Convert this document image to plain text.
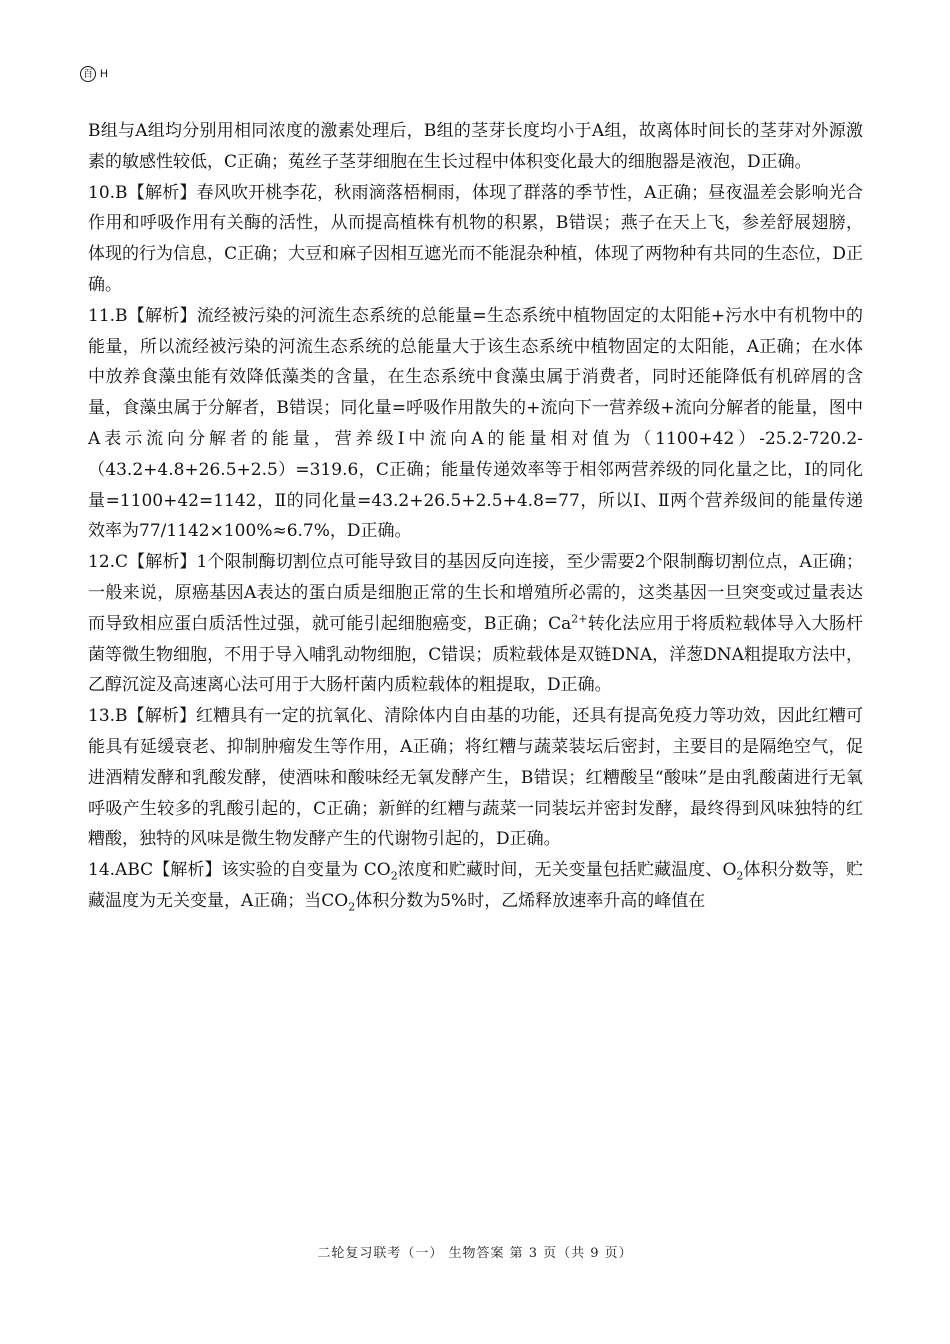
百 H

B组与A组均分别用相同浓度的激素处理后，B组的茎芽长度均小于A组，故离体时间长的茎芽对外源激素的敏感性较低，C正确；菟丝子茎芽细胞在生长过程中体积变化最大的细胞器是液泡，D正确。

10.B【解析】春风吹开桃李花，秋雨滴落梧桐雨，体现了群落的季节性，A正确；昼夜温差会影响光合作用和呼吸作用有关酶的活性，从而提高植株有机物的积累，B错误；燕子在天上飞，参差舒展翅膀，体现的行为信息，C正确；大豆和麻子因相互遮光而不能混杂种植，体现了两物种有共同的生态位，D正确。

11.B【解析】流经被污染的河流生态系统的总能量=生态系统中植物固定的太阳能+污水中有机物中的能量，所以流经被污染的河流生态系统的总能量大于该生态系统中植物固定的太阳能，A正确；在水体中放养食藻虫能有效降低藻类的含量，在生态系统中食藻虫属于消费者，同时还能降低有机碎屑的含量，食藻虫属于分解者，B错误；同化量=呼吸作用散失的+流向下一营养级+流向分解者的能量，图中A表示流向分解者的能量，营养级Ⅰ中流向A的能量相对值为（1100+42）-25.2-720.2-（43.2+4.8+26.5+2.5）=319.6，C正确；能量传递效率等于相邻两营养级的同化量之比，Ⅰ的同化量=1100+42=1142，Ⅱ的同化量=43.2+26.5+2.5+4.8=77，所以Ⅰ、Ⅱ两个营养级间的能量传递效率为77/1142×100%≈6.7%，D正确。

12.C【解析】1个限制酶切割位点可能导致目的基因反向连接，至少需要2个限制酶切割位点，A正确；一般来说，原癌基因A表达的蛋白质是细胞正常的生长和增殖所必需的，这类基因一旦突变或过量表达而导致相应蛋白质活性过强，就可能引起细胞癌变，B正确；$Ca^{2+}$转化法应用于将质粒载体导入大肠杆菌等微生物细胞，不用于导入哺乳动物细胞，C错误；质粒载体是双链DNA，洋葱DNA粗提取方法中，乙醇沉淀及高速离心法可用于大肠杆菌内质粒载体的粗提取，D正确。

13.B【解析】红糟具有一定的抗氧化、清除体内自由基的功能，还具有提高免疫力等功效，因此红糟可能具有延缓衰老、抑制肿瘤发生等作用，A正确；将红糟与蔬菜装坛后密封，主要目的是隔绝空气，促进酒精发酵和乳酸发酵，使酒味和酸味经无氧发酵产生，B错误；红糟酸呈“酸味”是由乳酸菌进行无氧呼吸产生较多的乳酸引起的，C正确；新鲜的红糟与蔬菜一同装坛并密封发酵，最终得到风味独特的红糟酸，独特的风味是微生物发酵产生的代谢物引起的，D正确。

14.ABC【解析】该实验的自变量为 $CO_2$浓度和贮藏时间，无关变量包括贮藏温度、$O_2$体积分数等，贮藏温度为无关变量，A正确；当$CO_2$体积分数为5%时，乙烯释放速率升高的峰值在

二轮复习联考（一） 生物答案 第 3 页（共 9 页）
